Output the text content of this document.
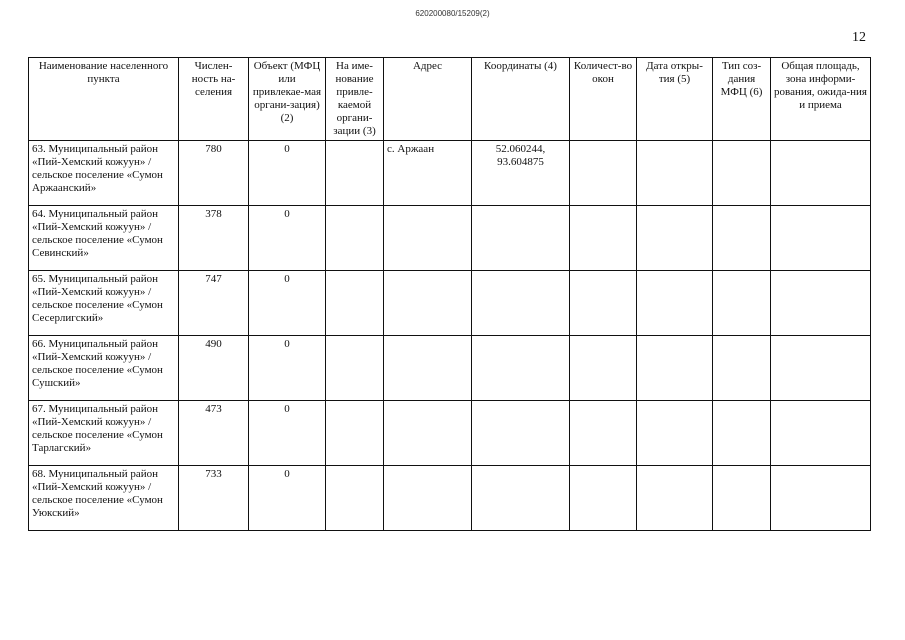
620200080/15209(2)
12
Наименование населенного пункта	Числен-ность на-селения	Объект (МФЦ или привлекае-мая органи-зация) (2)	На име-нование привле-каемой органи-зации (3)	Адрес	Координаты (4)	Количест-во окон	Дата откры-тия (5)	Тип соз-дания МФЦ (6)	Общая площадь, зона информи-рования, ожида-ния и приема
63. Муниципальный район «Пий-Хемский кожуун» / сельское поселение «Сумон Аржаанский»	780	0		с. Аржаан	52.060244, 93.604875				
64. Муниципальный район «Пий-Хемский кожуун» / сельское поселение «Сумон Севинский»	378	0							
65. Муниципальный район «Пий-Хемский кожуун» / сельское поселение «Сумон Сесерлигский»	747	0							
66. Муниципальный район «Пий-Хемский кожуун» / сельское поселение «Сумон Сушский»	490	0							
67. Муниципальный район «Пий-Хемский кожуун» / сельское поселение «Сумон Тарлагский»	473	0							
68. Муниципальный район «Пий-Хемский кожуун» / сельское поселение «Сумон Уюкский»	733	0							
